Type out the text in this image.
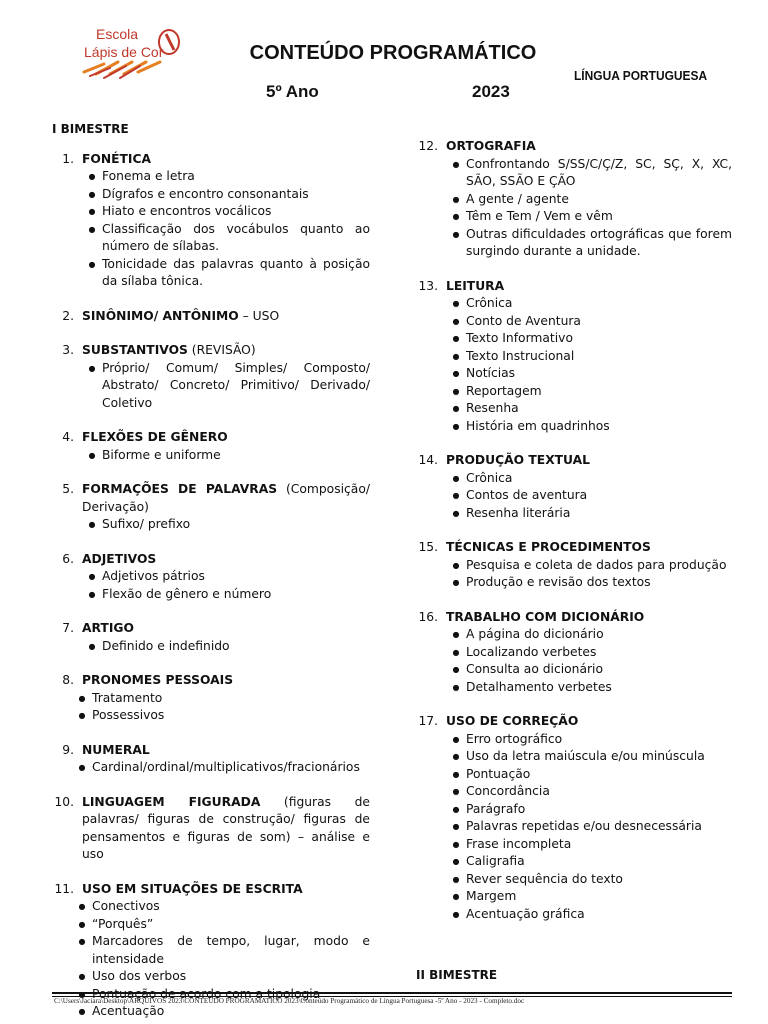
Escola
Lápis de Cor	CONTEÚDO PROGRAMÁTICO
LÍNGUA PORTUGUESA
5º Ano	2023
I BIMESTRE
1. FONÉTICA
● Fonema e letra
● Dígrafos e encontro consonantais
● Hiato e encontros vocálicos
● Classificação dos vocábulos quanto ao número de sílabas.
● Tonicidade das palavras quanto à posição da sílaba tônica.
2. SINÔNIMO/ ANTÔNIMO – USO
3. SUBSTANTIVOS (REVISÃO)
● Próprio/ Comum/ Simples/ Composto/ Abstrato/ Concreto/ Primitivo/ Derivado/ Coletivo
4. FLEXÕES DE GÊNERO
● Biforme e uniforme
5. FORMAÇÕES DE PALAVRAS (Composição/ Derivação)
● Sufixo/ prefixo
6. ADJETIVOS
● Adjetivos pátrios
● Flexão de gênero e número
7. ARTIGO
● Definido e indefinido
8. PRONOMES PESSOAIS
● Tratamento
● Possessivos
9. NUMERAL
● Cardinal/ordinal/multiplicativos/fracionários
10. LINGUAGEM FIGURADA (figuras de palavras/ figuras de construção/ figuras de pensamentos e figuras de som) – análise e uso
11. USO EM SITUAÇÕES DE ESCRITA
● Conectivos
● “Porquês”
● Marcadores de tempo, lugar, modo e intensidade
● Uso dos verbos
● Pontuação de acordo com a tipologia
● Acentuação
12. ORTOGRAFIA
● Confrontando S/SS/C/Ç/Z, SC, SÇ, X, XC, SÃO, SSÃO E ÇÃO
● A gente / agente
● Têm e Tem / Vem e vêm
● Outras dificuldades ortográficas que forem surgindo durante a unidade.
13. LEITURA
● Crônica
● Conto de Aventura
● Texto Informativo
● Texto Instrucional
● Notícias
● Reportagem
● Resenha
● História em quadrinhos
14. PRODUÇÃO TEXTUAL
● Crônica
● Contos de aventura
● Resenha literária
15. TÉCNICAS E PROCEDIMENTOS
● Pesquisa e coleta de dados para produção
● Produção e revisão dos textos
16. TRABALHO COM DICIONÁRIO
● A página do dicionário
● Localizando verbetes
● Consulta ao dicionário
● Detalhamento verbetes
17. USO DE CORREÇÃO
● Erro ortográfico
● Uso da letra maiúscula e/ou minúscula
● Pontuação
● Concordância
● Parágrafo
● Palavras repetidas e/ou desnecessária
● Frase incompleta
● Caligrafia
● Rever sequência do texto
● Margem
● Acentuação gráfica
II BIMESTRE
C:\Users\Jaciara\Desktop\ARQUIVOS 2023\CONTEUDO PROGRAMATICO 2023\Conteúdo Programático de Língua Portuguesa -5º Ano - 2023 - Completo.doc
